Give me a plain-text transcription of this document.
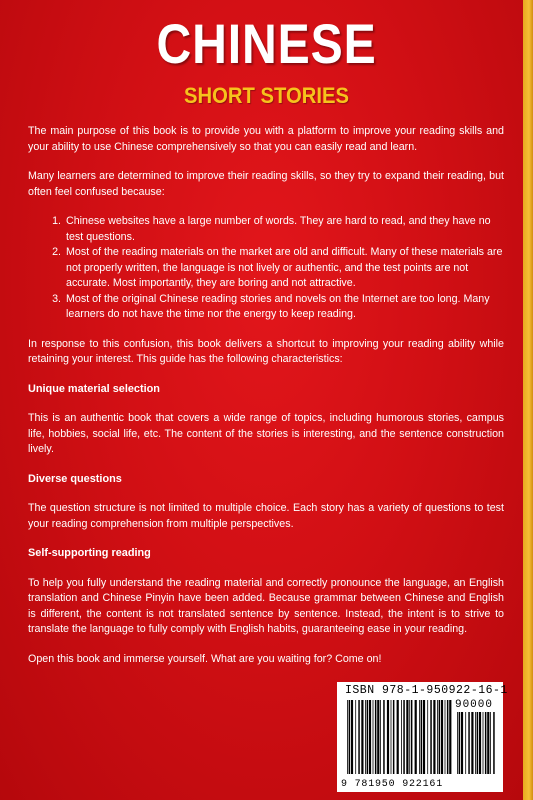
CHINESE
SHORT STORIES

The main purpose of this book is to provide you with a platform to improve your reading skills and your ability to use Chinese comprehensively so that you can easily read and learn.

Many learners are determined to improve their reading skills, so they try to expand their reading, but often feel confused because:

1. Chinese websites have a large number of words. They are hard to read, and they have no test questions.
2. Most of the reading materials on the market are old and difficult. Many of these materials are not properly written, the language is not lively or authentic, and the test points are not accurate. Most importantly, they are boring and not attractive.
3. Most of the original Chinese reading stories and novels on the Internet are too long. Many learners do not have the time nor the energy to keep reading.

In response to this confusion, this book delivers a shortcut to improving your reading ability while retaining your interest. This guide has the following characteristics:

Unique material selection

This is an authentic book that covers a wide range of topics, including humorous stories, campus life, hobbies, social life, etc. The content of the stories is interesting, and the sentence construction lively.

Diverse questions

The question structure is not limited to multiple choice. Each story has a variety of questions to test your reading comprehension from multiple perspectives.

Self-supporting reading

To help you fully understand the reading material and correctly pronounce the language, an English translation and Chinese Pinyin have been added. Because grammar between Chinese and English is different, the content is not translated sentence by sentence. Instead, the intent is to strive to translate the language to fully comply with English habits, guaranteeing ease in your reading.

Open this book and immerse yourself. What are you waiting for? Come on!

ISBN 978-1-950922-16-1
90000
9 781950 922161
